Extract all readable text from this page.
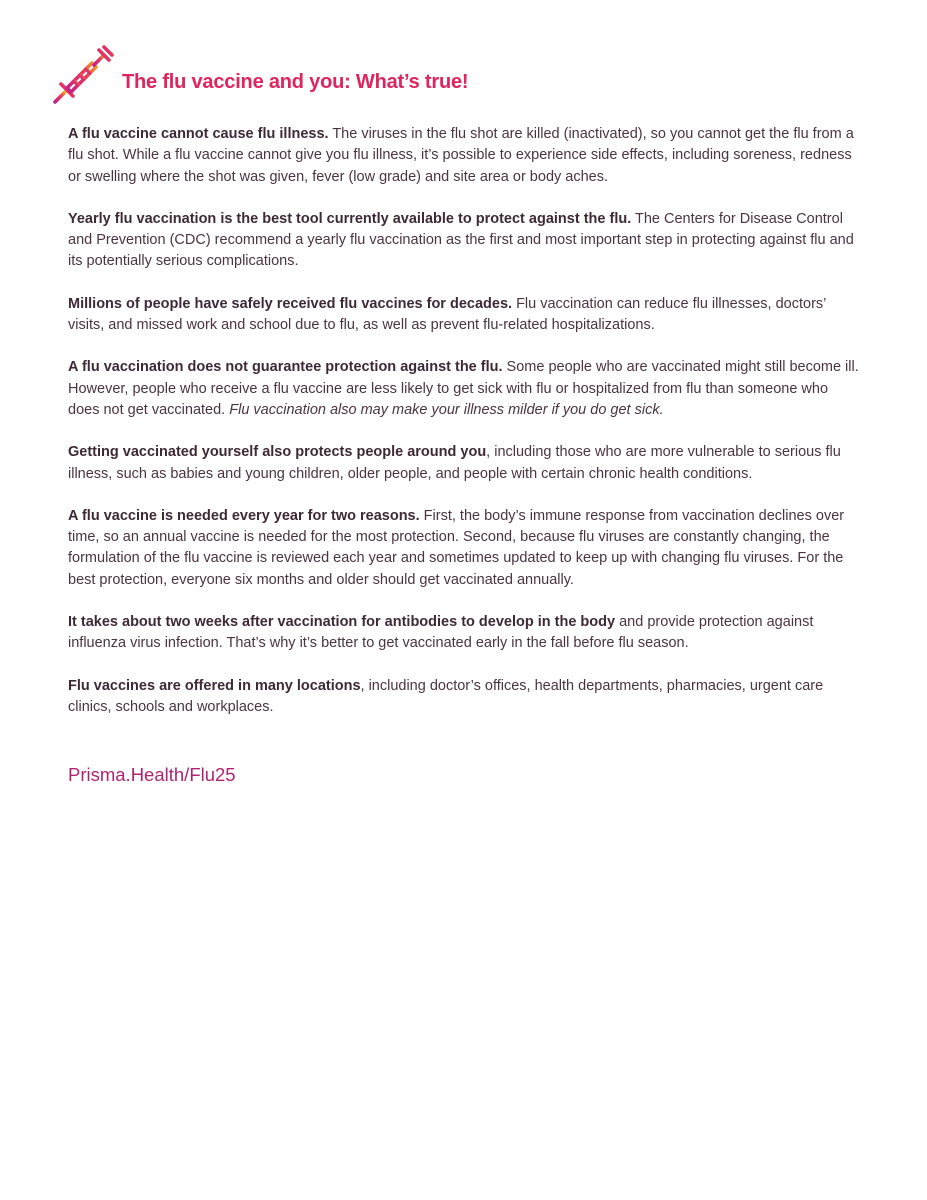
The flu vaccine and you: What’s true!

A flu vaccine cannot cause flu illness. The viruses in the flu shot are killed (inactivated), so you cannot get the flu from a flu shot. While a flu vaccine cannot give you flu illness, it’s possible to experience side effects, including soreness, redness or swelling where the shot was given, fever (low grade) and site area or body aches.

Yearly flu vaccination is the best tool currently available to protect against the flu. The Centers for Disease Control and Prevention (CDC) recommend a yearly flu vaccination as the first and most important step in protecting against flu and its potentially serious complications.

Millions of people have safely received flu vaccines for decades. Flu vaccination can reduce flu illnesses, doctors’ visits, and missed work and school due to flu, as well as prevent flu-related hospitalizations.

A flu vaccination does not guarantee protection against the flu. Some people who are vaccinated might still become ill. However, people who receive a flu vaccine are less likely to get sick with flu or hospitalized from flu than someone who does not get vaccinated. Flu vaccination also may make your illness milder if you do get sick.

Getting vaccinated yourself also protects people around you, including those who are more vulnerable to serious flu illness, such as babies and young children, older people, and people with certain chronic health conditions.

A flu vaccine is needed every year for two reasons. First, the body’s immune response from vaccination declines over time, so an annual vaccine is needed for the most protection. Second, because flu viruses are constantly changing, the formulation of the flu vaccine is reviewed each year and sometimes updated to keep up with changing flu viruses. For the best protection, everyone six months and older should get vaccinated annually.

It takes about two weeks after vaccination for antibodies to develop in the body and provide protection against influenza virus infection. That’s why it’s better to get vaccinated early in the fall before flu season.

Flu vaccines are offered in many locations, including doctor’s offices, health departments, pharmacies, urgent care clinics, schools and workplaces.

Prisma.Health/Flu25
